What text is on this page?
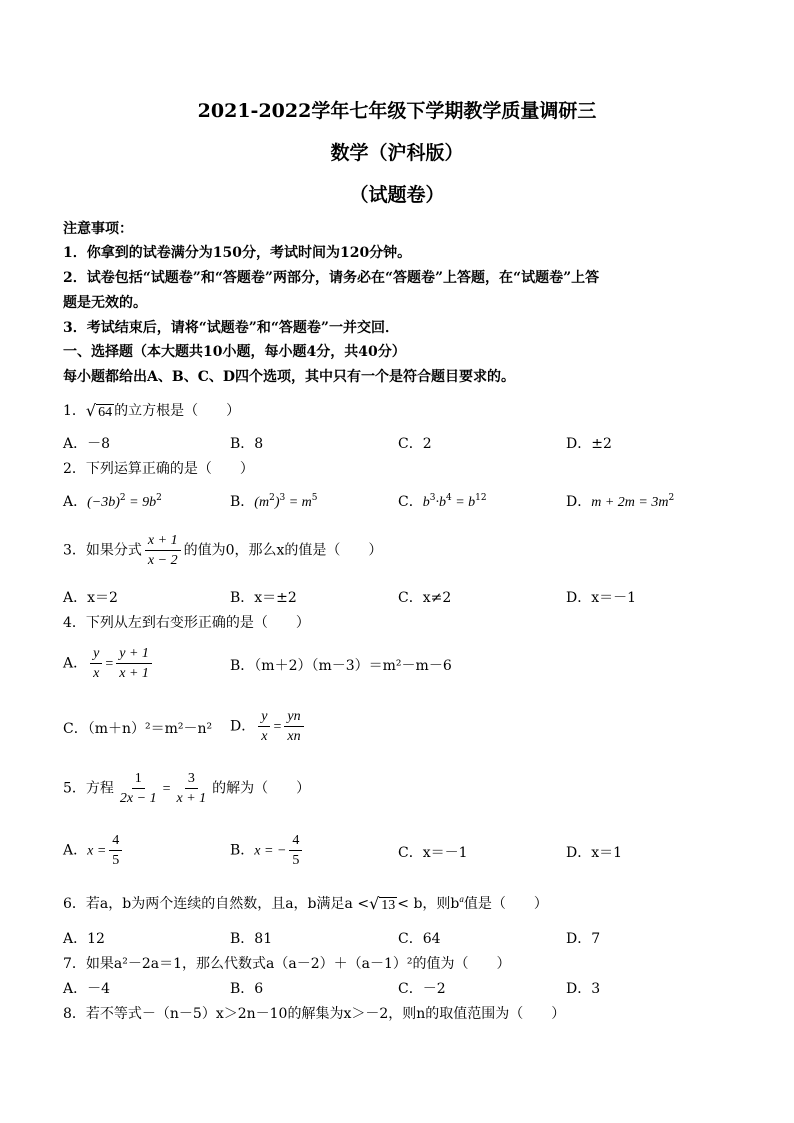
2021-2022学年七年级下学期教学质量调研三
数学（沪科版）
（试题卷）
注意事项：
1．你拿到的试卷满分为150分，考试时间为120分钟。
2．试卷包括“试题卷”和“答题卷”两部分，请务必在“答题卷”上答题，在“试题卷”上答
题是无效的。
3．考试结束后，请将“试题卷”和“答题卷”一并交回．
一、选择题（本大题共10小题，每小题4分，共40分）
每小题都给出A、B、C、D四个选项，其中只有一个是符合题目要求的。
1．√ 64 的立方根是（　　）
A．－8	B．8	C．2	D．±2
2．下列运算正确的是（　　）
A．$(-3b)^2 = 9b^2$	B．$(m^2)^3 = m^5$	C．$b^3\cdot b^4 = b^{12}$	D．$m + 2m = 3m^2$
3．如果分式 $\frac{x + 1}{x - 2}$ 的值为0，那么x的值是（　　）
A．x＝2	B．x＝±2	C．x≠2	D．x＝－1
4．下列从左到右变形正确的是（　　）
A． $\frac{y}{x} = \frac{y + 1}{x + 1}$	B．（m＋2）（m－3）＝m²－m－6
C．（m＋n）²＝m²－n² D． $\frac{y}{x} = \frac{yn}{xn}$
5．方程 $\frac{1}{2x - 1} = \frac{3}{x + 1}$ 的解为（　　）
A．$x = \frac{4}{5}$	B．x = − $\frac{4}{5}$	C．x＝－1	D．x＝1
6．若a，b为两个连续的自然数，且a，b满足a <√ 13 < b，则$b^a$值是（　　）
A．12	B．81	C．64	D．7
7．如果a²－2a＝1，那么代数式a（a－2）＋（a－1）²的值为（　　）
A．－4	B．6	C．－2	D．3
8．若不等式－（n－5）x＞2n－10的解集为x＞－2，则n的取值范围为（　　）
